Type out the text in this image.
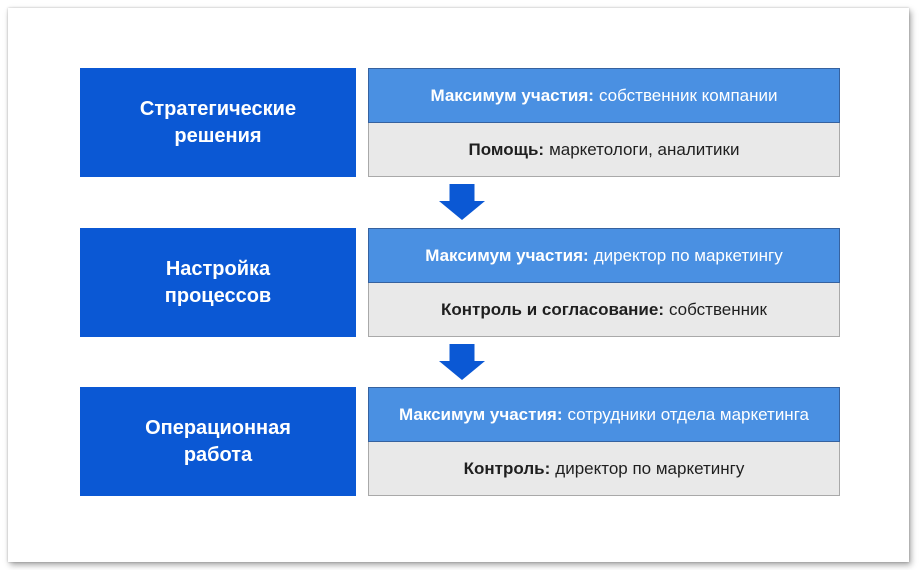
Стратегические
решения
Максимум участия: собственник компании
Помощь: маркетологи, аналитики
Настройка
процессов
Максимум участия: директор по маркетингу
Контроль и согласование: собственник
Операционная
работа
Максимум участия: сотрудники отдела маркетинга
Контроль: директор по маркетингу
